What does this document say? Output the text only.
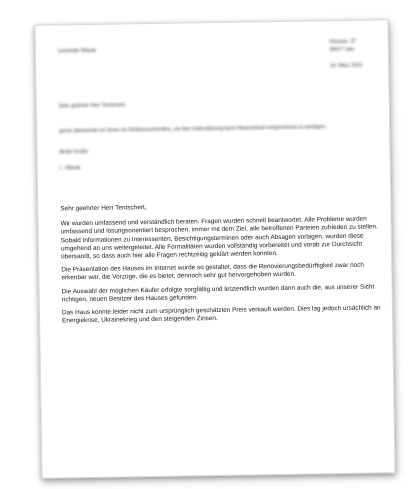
Liesetotte Wasak
Kiessee. 37
89077 Ulm
14. März 2023
Sehr geehrter Herr Tentschert,
gerne überwende ich Ihnen ein Referenzschreiben, um Ihre Unterstützung beim Hausverkauf entsprechend zu würdigen.
Beste Grüße
L. Wasak

Sehr geehrter Herr Tentschert,

Wir wurden umfassend und verständlich beraten. Fragen wurden schnell beantwortet. Alle Probleme wurden umfassend und lösungsorientiert besprochen, immer mit dem Ziel, alle betroffenen Parteien zufrieden zu stellen. Sobald Informationen zu Interessenten, Besichtigungsterminen oder auch Absagen vorlagen, wurden diese umgehend an uns weitergeleitet. Alle Formalitäten wurden vollständig vorbereitet und vorab zur Durchsicht übersandt, so dass auch hier alle Fragen rechtzeitig geklärt werden konnten.

Die Präsentation des Hauses im Internet wurde so gestaltet, dass die Renovierungsbedürftigkeit zwar noch erkenbar war, die Vorzüge, die es bietet, dennoch sehr gut hervorgehoben wurden.

Die Auswahl der möglichen Käufer erfolgte sorgfältig und letztendlich wurden dann auch die, aus unserer Sicht richtigen, neuen Besitzer des Hauses gefunden.

Das Haus konnte leider nicht zum ursprünglich geschätzten Preis verkauft werden. Dies lag jedoch ursächlich an Energiekrise, Ukrainekrieg und den steigenden Zinsen.
